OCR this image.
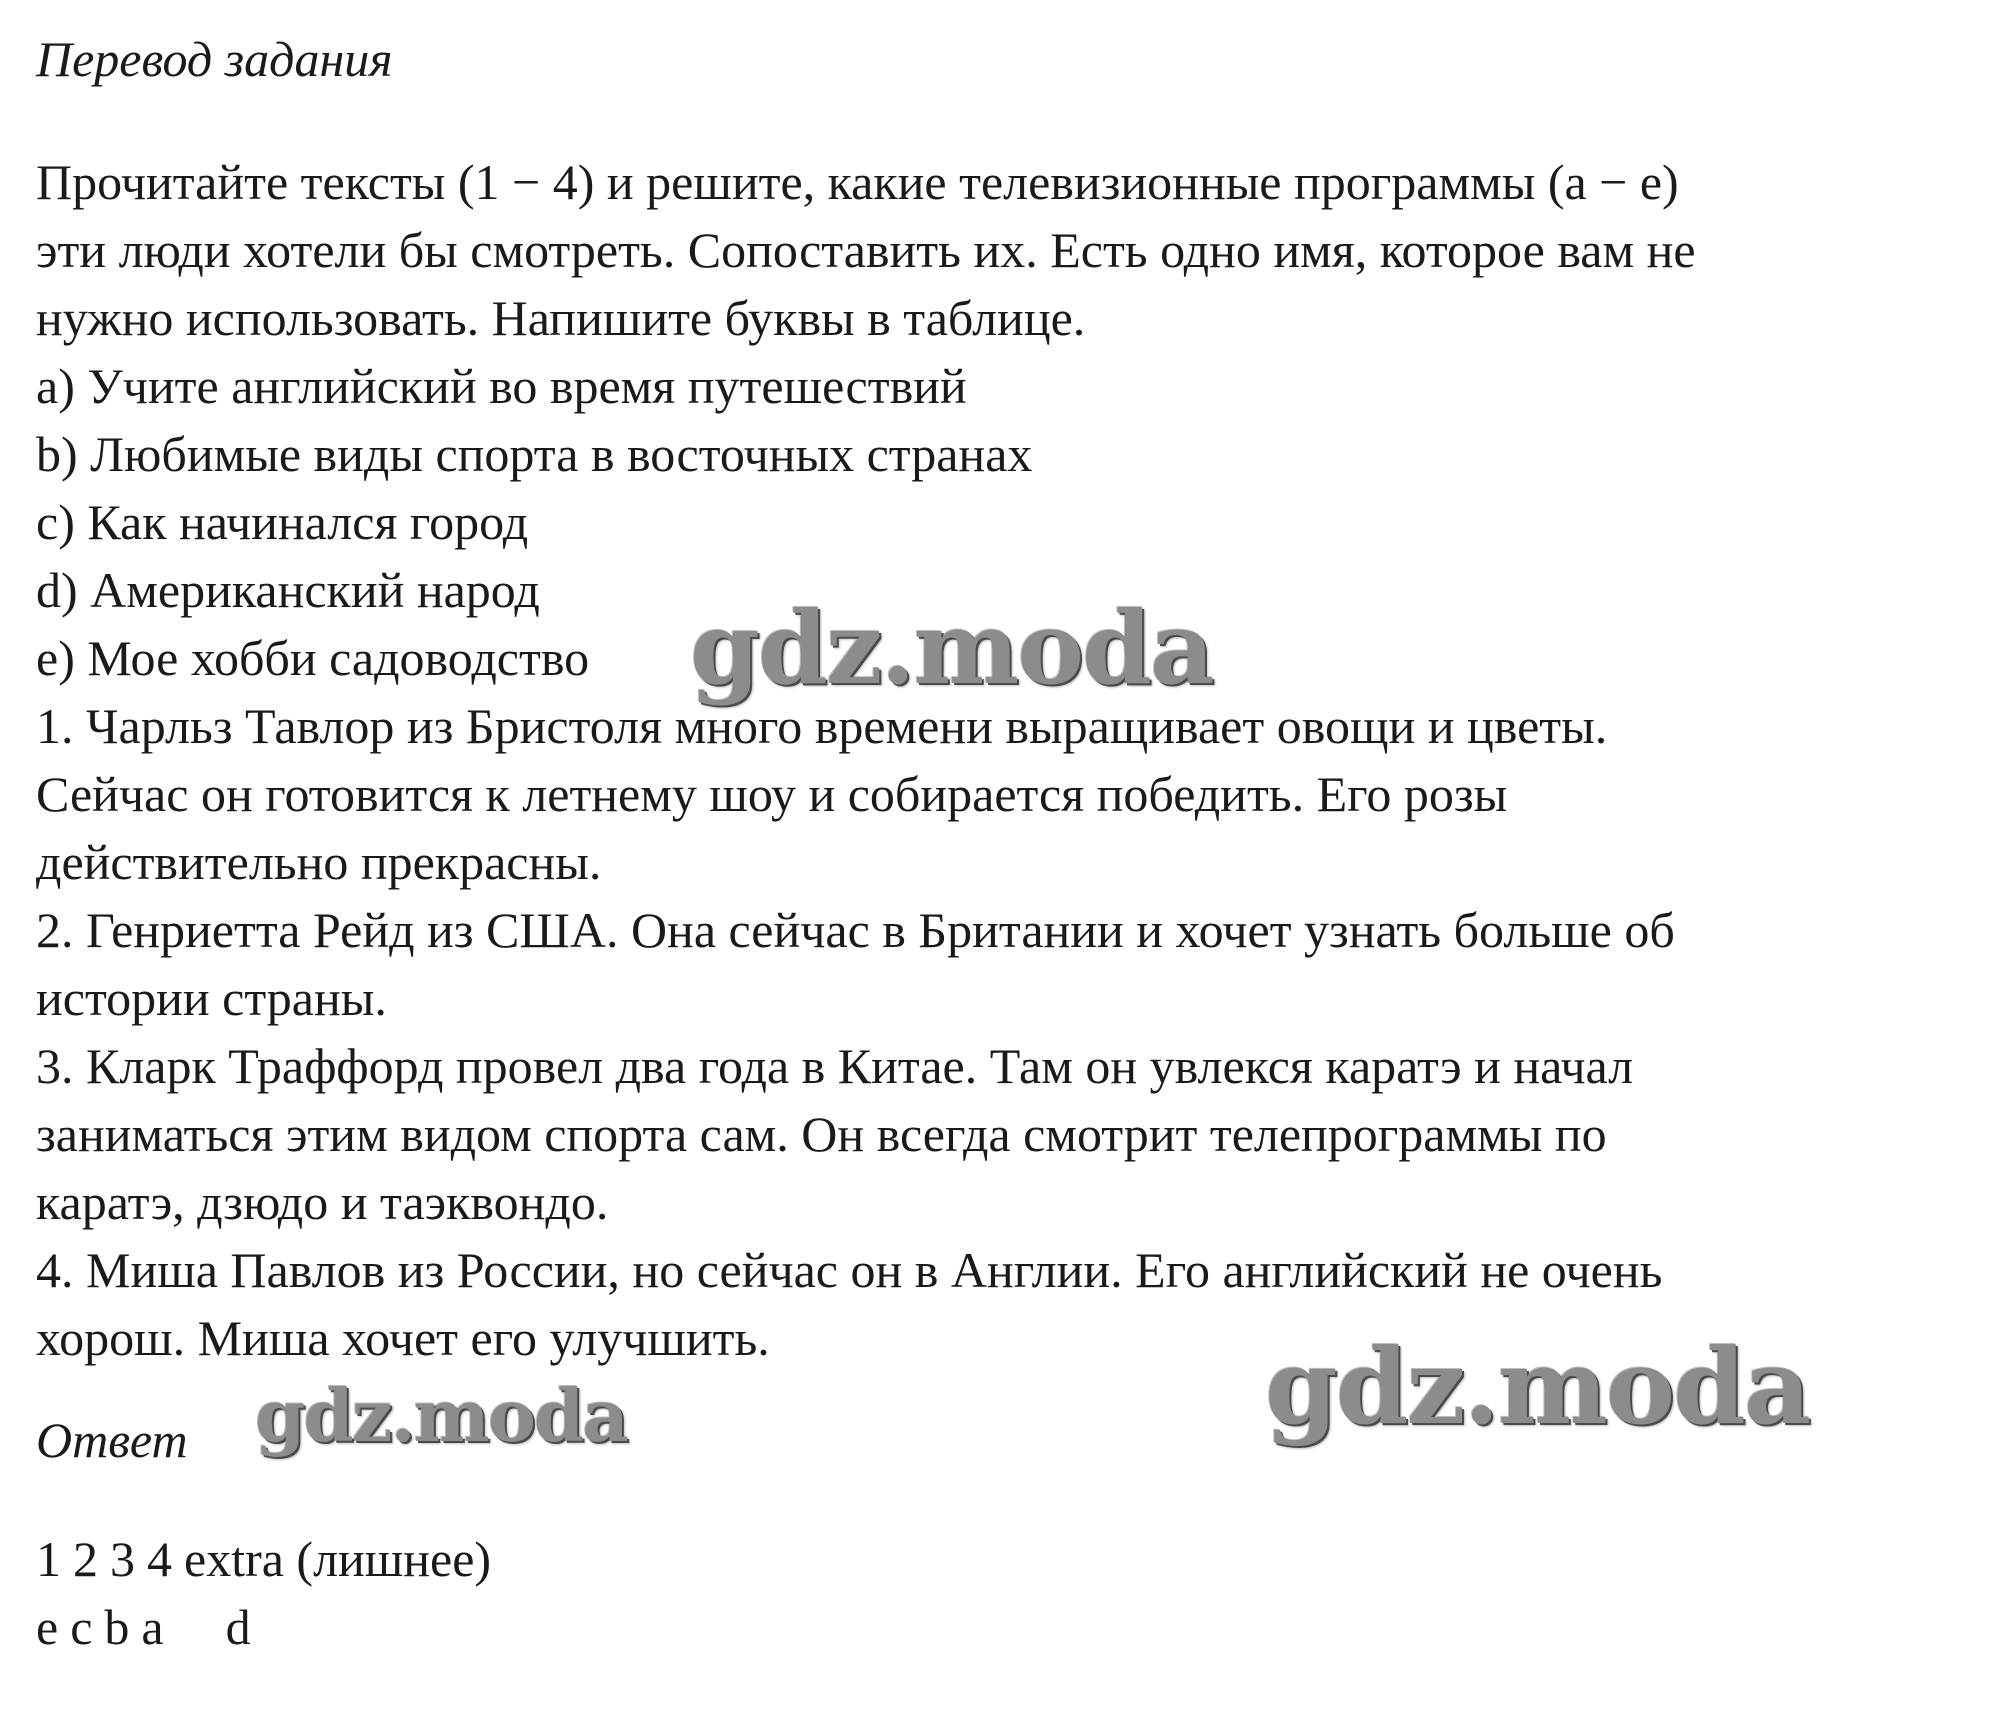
Перевод задания
Прочитайте тексты (1 − 4) и решите, какие телевизионные программы (a − e)
эти люди хотели бы смотреть. Сопоставить их. Есть одно имя, которое вам не
нужно использовать. Напишите буквы в таблице.
a) Учите английский во время путешествий
b) Любимые виды спорта в восточных странах
c) Как начинался город
d) Американский народ
e) Мое хобби садоводство
1. Чарльз Тавлор из Бристоля много времени выращивает овощи и цветы.
Сейчас он готовится к летнему шоу и собирается победить. Его розы
действительно прекрасны.
2. Генриетта Рейд из США. Она сейчас в Британии и хочет узнать больше об
истории страны.
3. Кларк Траффорд провел два года в Китае. Там он увлекся каратэ и начал
заниматься этим видом спорта сам. Он всегда смотрит телепрограммы по
каратэ, дзюдо и таэквондо.
4. Миша Павлов из России, но сейчас он в Англии. Его английский не очень
хорош. Миша хочет его улучшить.
Ответ
1 2 3 4 extra (лишнее)
e c b a d
gdz.moda
gdz.moda	gdz.moda
